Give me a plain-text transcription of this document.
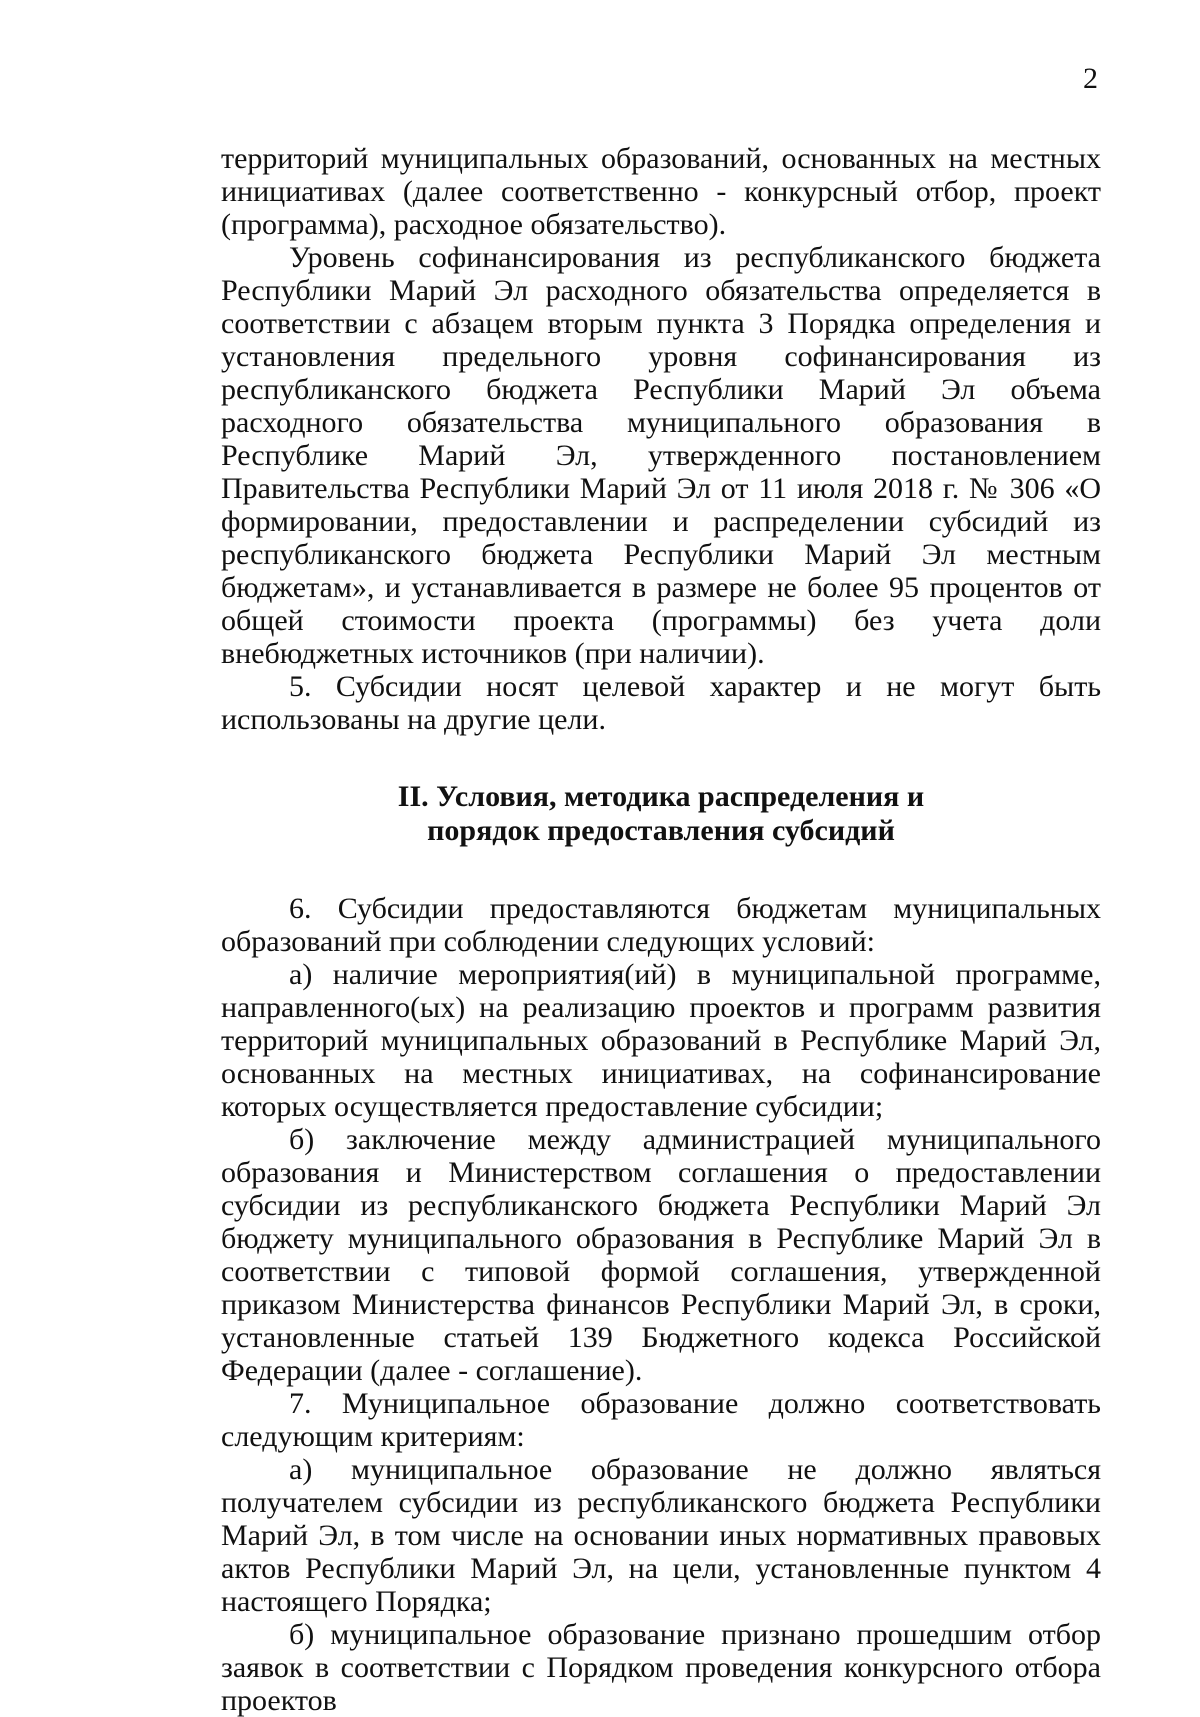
2

территорий муниципальных образований, основанных на местных инициативах (далее соответственно - конкурсный отбор, проект (программа), расходное обязательство).

Уровень софинансирования из республиканского бюджета Республики Марий Эл расходного обязательства определяется в соответствии с абзацем вторым пункта 3 Порядка определения и установления предельного уровня софинансирования из республиканского бюджета Республики Марий Эл объема расходного обязательства муниципального образования в Республике Марий Эл, утвержденного постановлением Правительства Республики Марий Эл от 11 июля 2018 г. № 306 «О формировании, предоставлении и распределении субсидий из республиканского бюджета Республики Марий Эл местным бюджетам», и устанавливается в размере не более 95 процентов от общей стоимости проекта (программы) без учета доли внебюджетных источников (при наличии).

5. Субсидии носят целевой характер и не могут быть использованы на другие цели.

II. Условия, методика распределения и порядок предоставления субсидий

6. Субсидии предоставляются бюджетам муниципальных образований при соблюдении следующих условий:

а) наличие мероприятия(ий) в муниципальной программе, направленного(ых) на реализацию проектов и программ развития территорий муниципальных образований в Республике Марий Эл, основанных на местных инициативах, на софинансирование которых осуществляется предоставление субсидии;

б) заключение между администрацией муниципального образования и Министерством соглашения о предоставлении субсидии из республиканского бюджета Республики Марий Эл бюджету муниципального образования в Республике Марий Эл в соответствии с типовой формой соглашения, утвержденной приказом Министерства финансов Республики Марий Эл, в сроки, установленные статьей 139 Бюджетного кодекса Российской Федерации (далее - соглашение).

7. Муниципальное образование должно соответствовать следующим критериям:

а) муниципальное образование не должно являться получателем субсидии из республиканского бюджета Республики Марий Эл, в том числе на основании иных нормативных правовых актов Республики Марий Эл, на цели, установленные пунктом 4 настоящего Порядка;

б) муниципальное образование признано прошедшим отбор заявок в соответствии с Порядком проведения конкурсного отбора проектов
